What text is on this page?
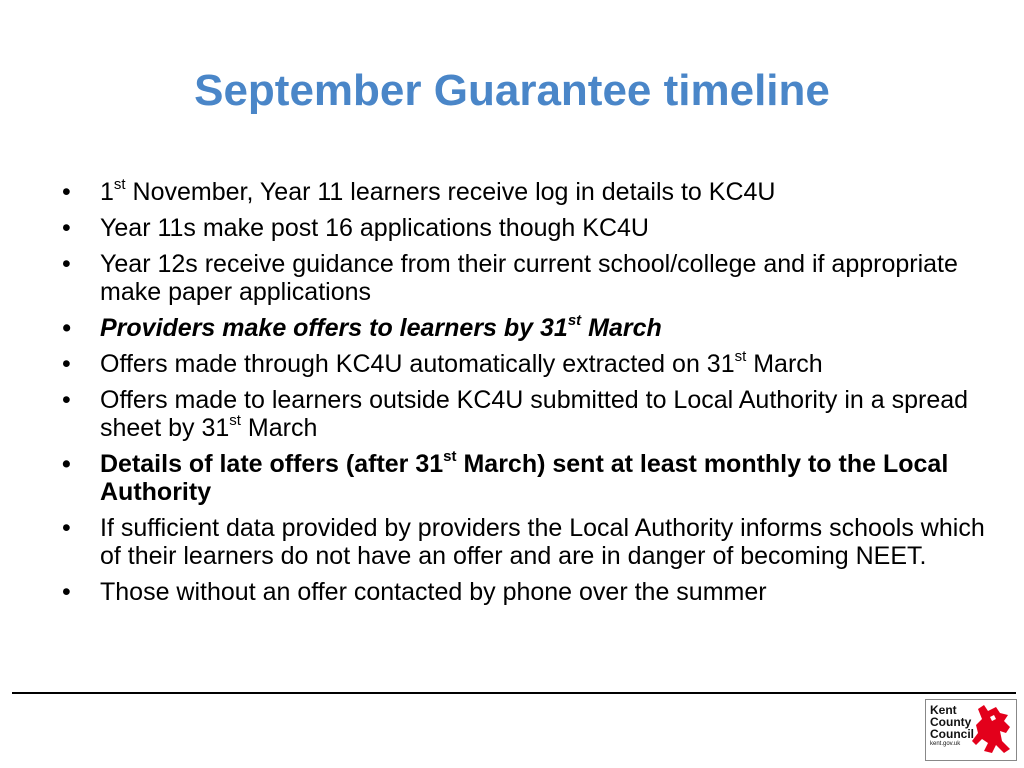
September Guarantee timeline
• 1st November, Year 11 learners receive log in details to KC4U
• Year 11s make post 16 applications though KC4U
• Year 12s receive guidance from their current school/college and if appropriate make paper applications
• Providers make offers to learners by 31st March
• Offers made through KC4U automatically extracted on 31st March
• Offers made to learners outside KC4U submitted to Local Authority in a spread sheet by 31st March
• Details of late offers (after 31st March) sent at least monthly to the Local Authority
• If sufficient data provided by providers the Local Authority informs schools which of their learners do not have an offer and are in danger of becoming NEET.
• Those without an offer contacted by phone over the summer
Kent
County
Council
kent.gov.uk
